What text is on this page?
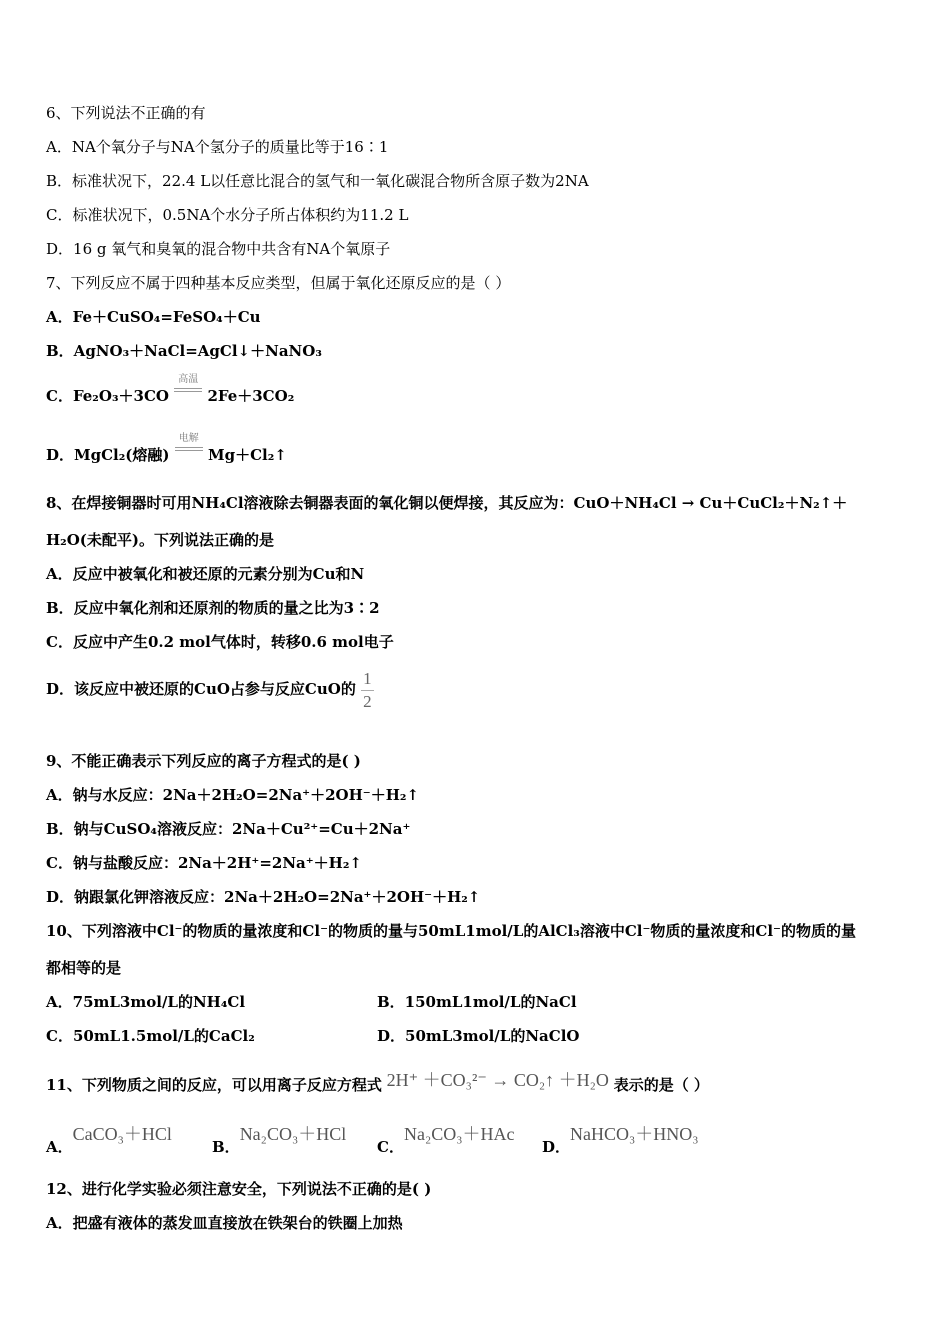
6、下列说法不正确的有
A．NA个氧分子与NA个氢分子的质量比等于16∶1
B．标准状况下，22.4 L以任意比混合的氢气和一氧化碳混合物所含原子数为2NA
C．标准状况下，0.5NA个水分子所占体积约为11.2 L
D．16 g 氧气和臭氧的混合物中共含有NA个氧原子
7、下列反应不属于四种基本反应类型，但属于氧化还原反应的是（ ）
A．Fe＋CuSO₄=FeSO₄＋Cu
B．AgNO₃＋NaCl=AgCl↓＋NaNO₃
C．Fe₂O₃＋3CO
高温
2Fe＋3CO₂
D．MgCl₂(熔融)
电解
Mg＋Cl₂↑
8、在焊接铜器时可用NH₄Cl溶液除去铜器表面的氧化铜以便焊接，其反应为：CuO＋NH₄Cl → Cu＋CuCl₂＋N₂↑＋
H₂O(未配平)。下列说法正确的是
A．反应中被氧化和被还原的元素分别为Cu和N
B．反应中氧化剂和还原剂的物质的量之比为3∶2
C．反应中产生0.2 mol气体时，转移0.6 mol电子
D．该反应中被还原的CuO占参与反应CuO的 $\frac{1}{2}$
9、不能正确表示下列反应的离子方程式的是( )
A．钠与水反应：2Na＋2H₂O=2Na⁺＋2OH⁻＋H₂↑
B．钠与CuSO₄溶液反应：2Na＋Cu²⁺=Cu＋2Na⁺
C．钠与盐酸反应：2Na＋2H⁺=2Na⁺＋H₂↑
D．钠跟氯化钾溶液反应：2Na＋2H₂O=2Na⁺＋2OH⁻＋H₂↑
10、下列溶液中Cl⁻的物质的量浓度和Cl⁻的物质的量与50mL1mol/L的AlCl₃溶液中Cl⁻物质的量浓度和Cl⁻的物质的量
都相等的是
A．75mL3mol/L的NH₄Cl	B．150mL1mol/L的NaCl
C．50mL1.5mol/L的CaCl₂	D．50mL3mol/L的NaClO
11、下列物质之间的反应，可以用离子反应方程式 2H⁺ ＋CO₃²⁻ → CO₂↑ ＋H₂O 表示的是（ ）
A．CaCO₃＋HCl
B．Na₂CO₃＋HCl
C．Na₂CO₃＋HAc
D．NaHCO₃＋HNO₃
12、进行化学实验必须注意安全，下列说法不正确的是( )
A．把盛有液体的蒸发皿直接放在铁架台的铁圈上加热
